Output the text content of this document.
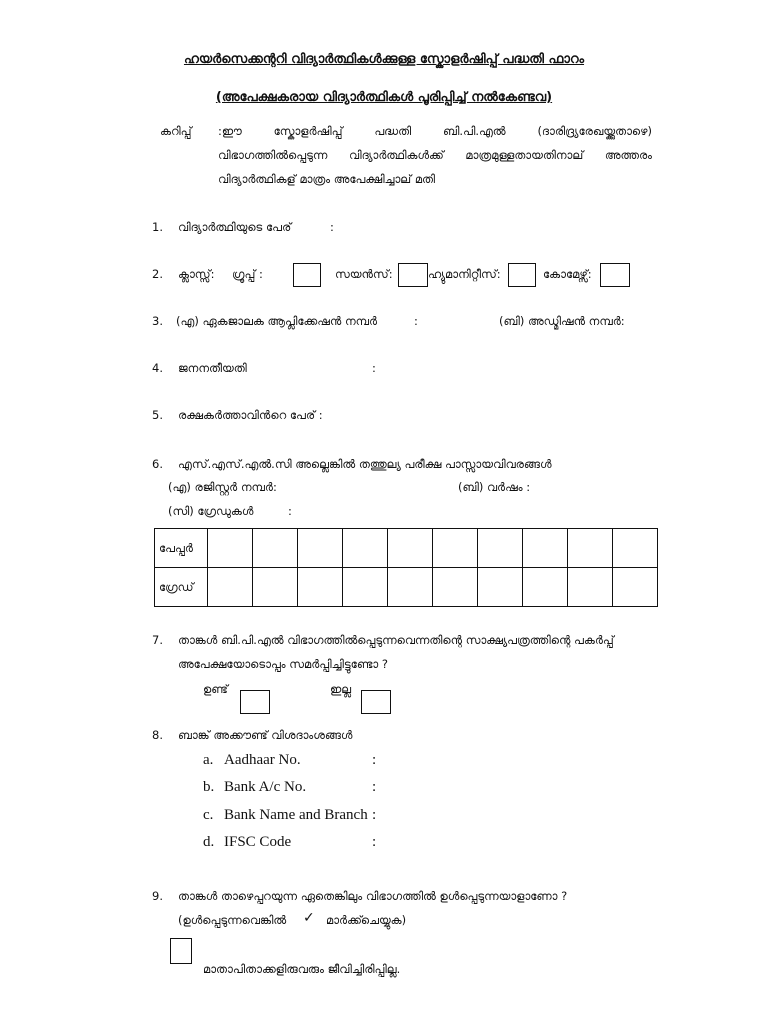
ഹയർസെക്കന്ററി വിദ്യാർത്ഥികൾക്കുള്ള സ്കോളർഷിപ്പ് പദ്ധതി ഫാറം
(അപേക്ഷകരായ വിദ്യാർത്ഥികൾ പൂരിപ്പിച്ച് നൽകേണ്ടവ)
കറിപ്പ് :ഈ	സ്കോളർഷിപ്പ്	പദ്ധതി	ബി.പി.എൽ	(ദാരിദ്ര്യരേഖയ്ക്കുതാഴെ)
വിഭാഗത്തിൽപ്പെടുന്ന വിദ്യാർത്ഥികൾക്ക് മാത്രമുള്ളതായതിനാല് അത്തരം
വിദ്യാർത്ഥികള് മാത്രം അപേക്ഷിച്ചാല് മതി
1. വിദ്യാർത്ഥിയുടെ പേര്	:
2. ക്ലാസ്സ്: ഗ്രൂപ്പ് :	സയൻസ്:	ഹ്യുമാനിറ്റീസ്:	കോമേഴ്സ്:
3. (എ) ഏകജാലക ആപ്ലിക്കേഷൻ നമ്പർ	:	(ബി) അഡ്മിഷൻ നമ്പർ:
4. ജനനതീയതി	:
5. രക്ഷകർത്താവിൻറെ പേര് :
6. എസ്.എസ്.എൽ.സി അല്ലെങ്കിൽ തത്തുല്യ പരീക്ഷ പാസ്സായവിവരങ്ങൾ
(എ) രജിസ്റ്റർ നമ്പർ:	(ബി) വർഷം :
(സി) ഗ്രേഡുകൾ	:
പേപ്പർ										
ഗ്രേഡ്										
7. താങ്കൾ ബി.പി.എൽ വിഭാഗത്തിൽപ്പെടുന്നവെന്നതിന്റെ സാക്ഷ്യപത്രത്തിന്റെ പകർപ്പ്
അപേക്ഷയോടൊപ്പം സമർപ്പിച്ചിട്ടുണ്ടോ ?
ഉണ്ട്	ഇല്ല
8. ബാങ്ക് അക്കൗണ്ട് വിശദാംശങ്ങൾ
a. Aadhaar No.	:
b. Bank A/c No.	:
c. Bank Name and Branch :
d. IFSC Code	:
9. താങ്കൾ താഴെപ്പറയുന്ന ഏതെങ്കിലും വിഭാഗത്തിൽ ഉൾപ്പെടുന്നയാളാണോ ?
(ഉൾപ്പെടുന്നവെങ്കിൽ ✓ മാർക്ക്ചെയ്യുക)
മാതാപിതാക്കളിരുവരും ജീവിച്ചിരിപ്പില്ല.
